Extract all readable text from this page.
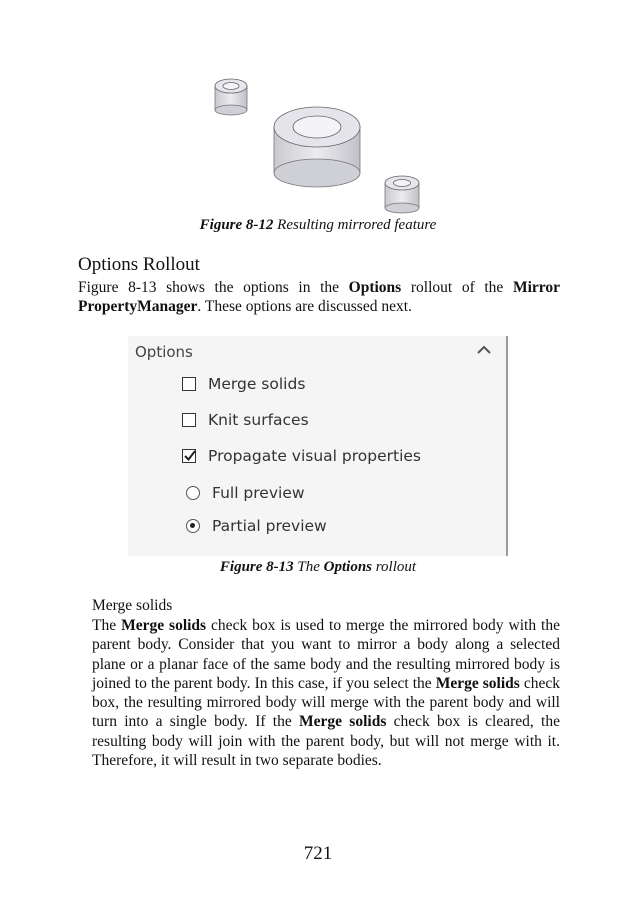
Figure 8-12 Resulting mirrored feature
Options Rollout
Figure 8-13 shows the options in the Options rollout of the Mirror PropertyManager. These options are discussed next.
Options
Merge solids
Knit surfaces
Propagate visual properties
Full preview
Partial preview
Figure 8-13 The Options rollout
Merge solids
The Merge solids check box is used to merge the mirrored body with the parent body. Consider that you want to mirror a body along a selected plane or a planar face of the same body and the resulting mirrored body is joined to the parent body. In this case, if you select the Merge solids check box, the resulting mirrored body will merge with the parent body and will turn into a single body. If the Merge solids check box is cleared, the resulting body will join with the parent body, but will not merge with it. Therefore, it will result in two separate bodies.
721
